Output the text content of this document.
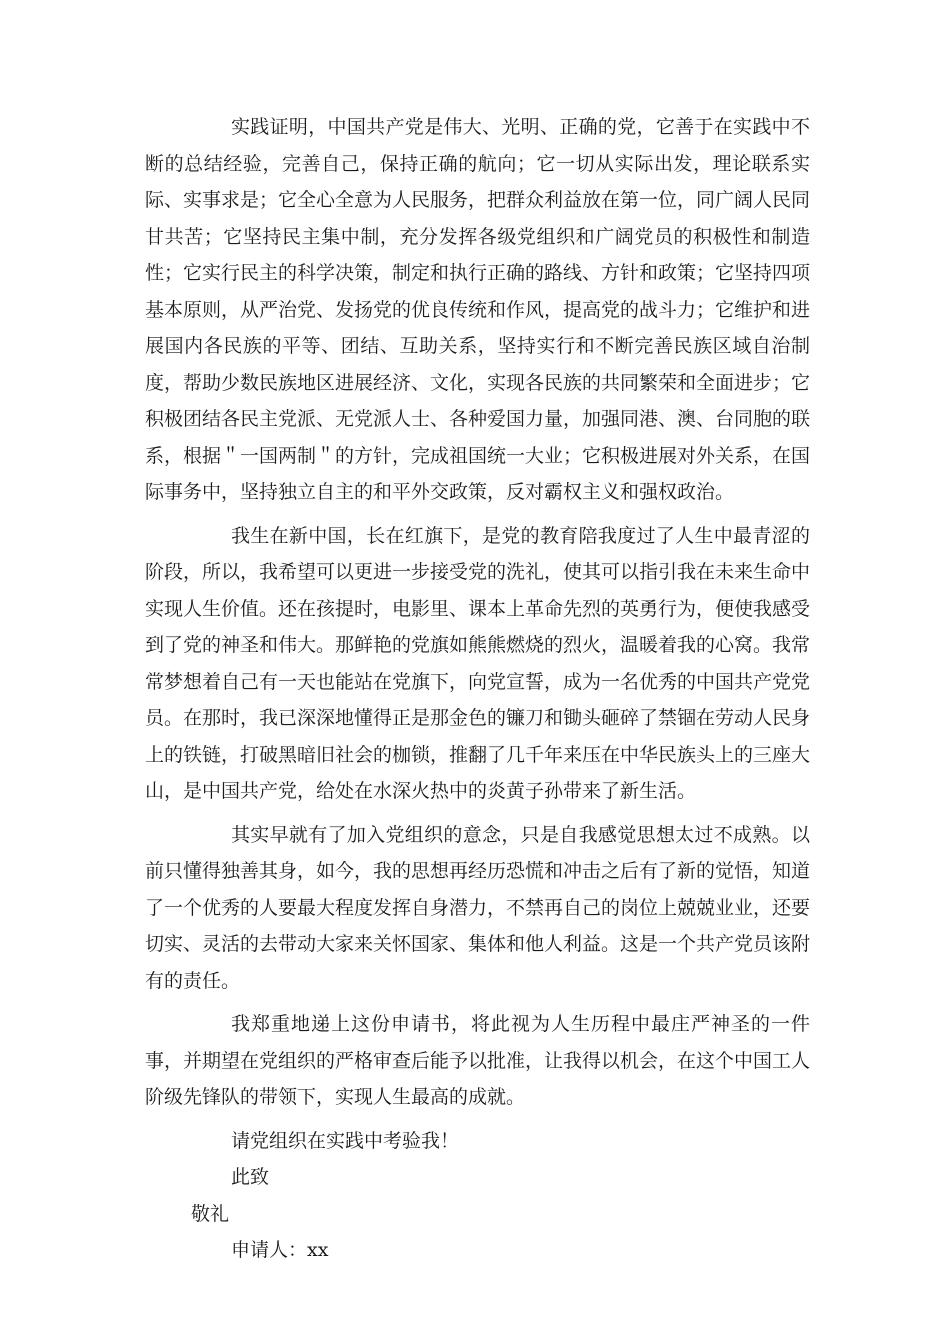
实践证明，中国共产党是伟大、光明、正确的党，它善于在实践中不断的总结经验，完善自己，保持正确的航向；它一切从实际出发，理论联系实际、实事求是；它全心全意为人民服务，把群众利益放在第一位，同广阔人民同甘共苦；它坚持民主集中制，充分发挥各级党组织和广阔党员的积极性和制造性；它实行民主的科学决策，制定和执行正确的路线、方针和政策；它坚持四项基本原则，从严治党、发扬党的优良传统和作风，提高党的战斗力；它维护和进展国内各民族的平等、团结、互助关系，坚持实行和不断完善民族区域自治制度，帮助少数民族地区进展经济、文化，实现各民族的共同繁荣和全面进步；它积极团结各民主党派、无党派人士、各种爱国力量，加强同港、澳、台同胞的联系，根据＂一国两制＂的方针，完成祖国统一大业；它积极进展对外关系，在国际事务中，坚持独立自主的和平外交政策，反对霸权主义和强权政治。

我生在新中国，长在红旗下，是党的教育陪我度过了人生中最青涩的阶段，所以，我希望可以更进一步接受党的洗礼，使其可以指引我在未来生命中实现人生价值。还在孩提时，电影里、课本上革命先烈的英勇行为，便使我感受到了党的神圣和伟大。那鲜艳的党旗如熊熊燃烧的烈火，温暖着我的心窝。我常常梦想着自己有一天也能站在党旗下，向党宣誓，成为一名优秀的中国共产党党员。在那时，我已深深地懂得正是那金色的镰刀和锄头砸碎了禁锢在劳动人民身上的铁链，打破黑暗旧社会的枷锁，推翻了几千年来压在中华民族头上的三座大山，是中国共产党，给处在水深火热中的炎黄子孙带来了新生活。

其实早就有了加入党组织的意念，只是自我感觉思想太过不成熟。以前只懂得独善其身，如今，我的思想再经历恐慌和冲击之后有了新的觉悟，知道了一个优秀的人要最大程度发挥自身潜力，不禁再自己的岗位上兢兢业业，还要切实、灵活的去带动大家来关怀国家、集体和他人利益。这是一个共产党员该附有的责任。

我郑重地递上这份申请书，将此视为人生历程中最庄严神圣的一件事，并期望在党组织的严格审查后能予以批准，让我得以机会，在这个中国工人阶级先锋队的带领下，实现人生最高的成就。

请党组织在实践中考验我！

此致

敬礼

申请人：xx
